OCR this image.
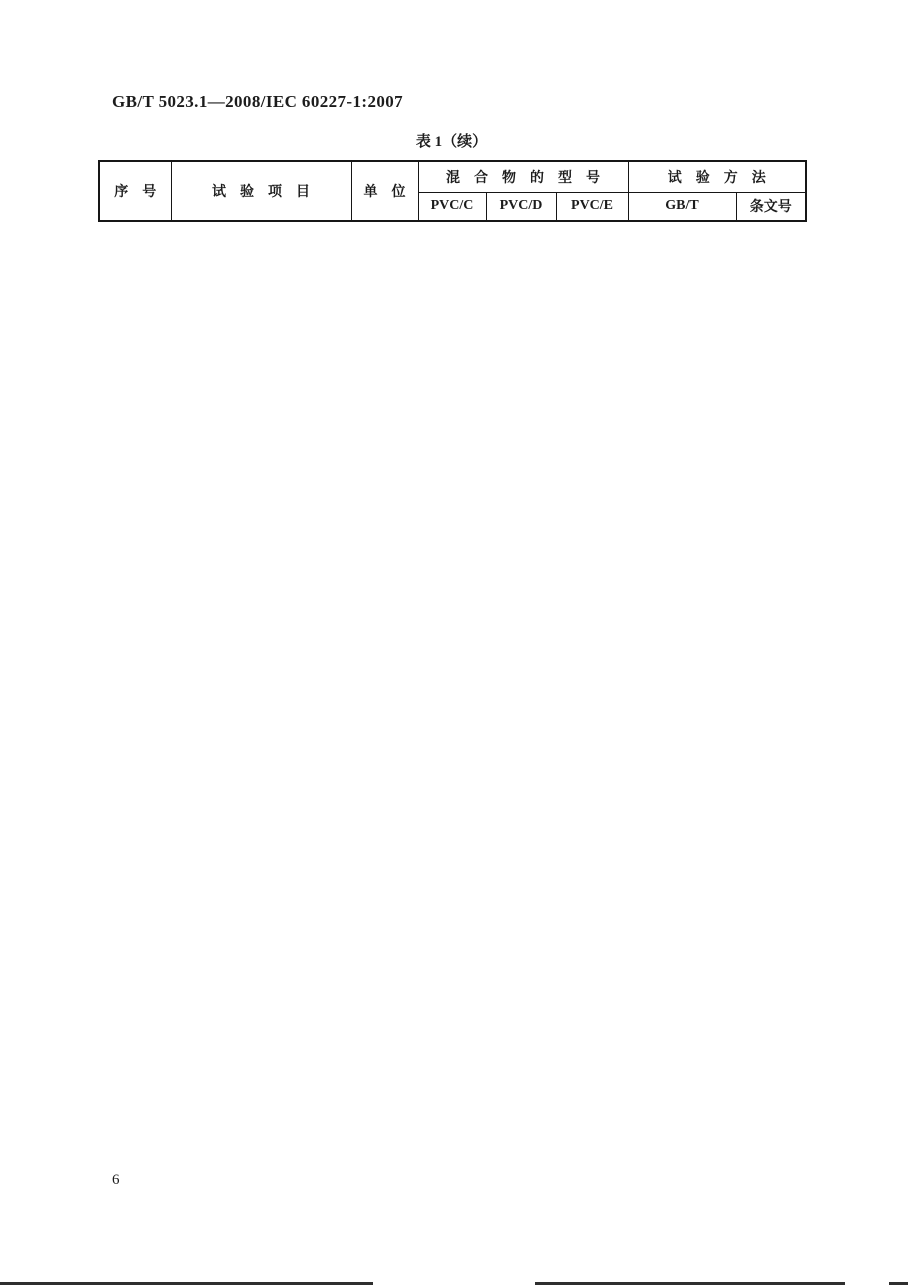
GB/T 5023.1—2008/IEC 60227-1:2007
表 1（续）
序　号	试　验　项　目	单　位	混　合　物　的　型　号			试　验　方　法	
			PVC/C	PVC/D	PVC/E	GB/T	条文号
6
